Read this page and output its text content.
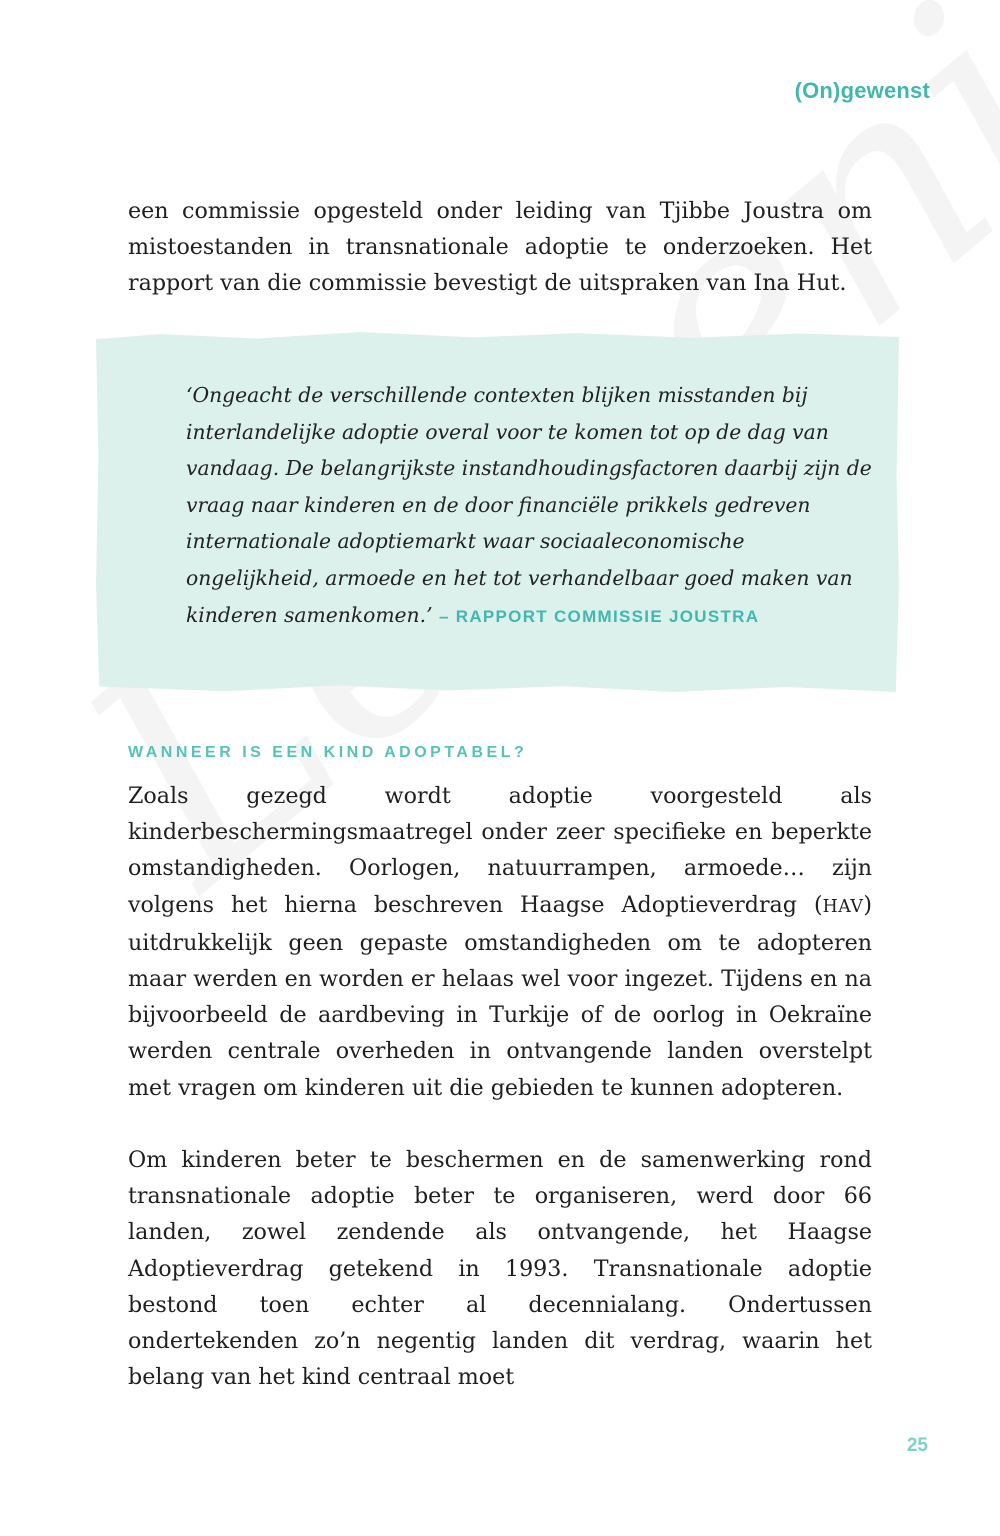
(On)gewenst

een commissie opgesteld onder leiding van Tjibbe Joustra om mistoestanden in transnationale adoptie te onderzoeken. Het rapport van die commissie bevestigt de uitspraken van Ina Hut.

‘Ongeacht de verschillende contexten blijken misstanden bij interlandelijke adoptie overal voor te komen tot op de dag van vandaag. De belangrijkste instandhoudingsfactoren daarbij zijn de vraag naar kinderen en de door financiële prikkels gedreven internationale adoptiemarkt waar sociaaleconomische ongelijkheid, armoede en het tot verhandelbaar goed maken van kinderen samenkomen.’ – RAPPORT COMMISSIE JOUSTRA

WANNEER IS EEN KIND ADOPTABEL?

Zoals gezegd wordt adoptie voorgesteld als kinderbeschermingsmaatregel onder zeer specifieke en beperkte omstandigheden. Oorlogen, natuurrampen, armoede… zijn volgens het hierna beschreven Haagse Adoptieverdrag (HAV) uitdrukkelijk geen gepaste omstandigheden om te adopteren maar werden en worden er helaas wel voor ingezet. Tijdens en na bijvoorbeeld de aardbeving in Turkije of de oorlog in Oekraïne werden centrale overheden in ontvangende landen overstelpt met vragen om kinderen uit die gebieden te kunnen adopteren.

Om kinderen beter te beschermen en de samenwerking rond transnationale adoptie beter te organiseren, werd door 66 landen, zowel zendende als ontvangende, het Haagse Adoptieverdrag getekend in 1993. Transnationale adoptie bestond toen echter al decennialang. Ondertussen ondertekenden zo’n negentig landen dit verdrag, waarin het belang van het kind centraal moet

25
